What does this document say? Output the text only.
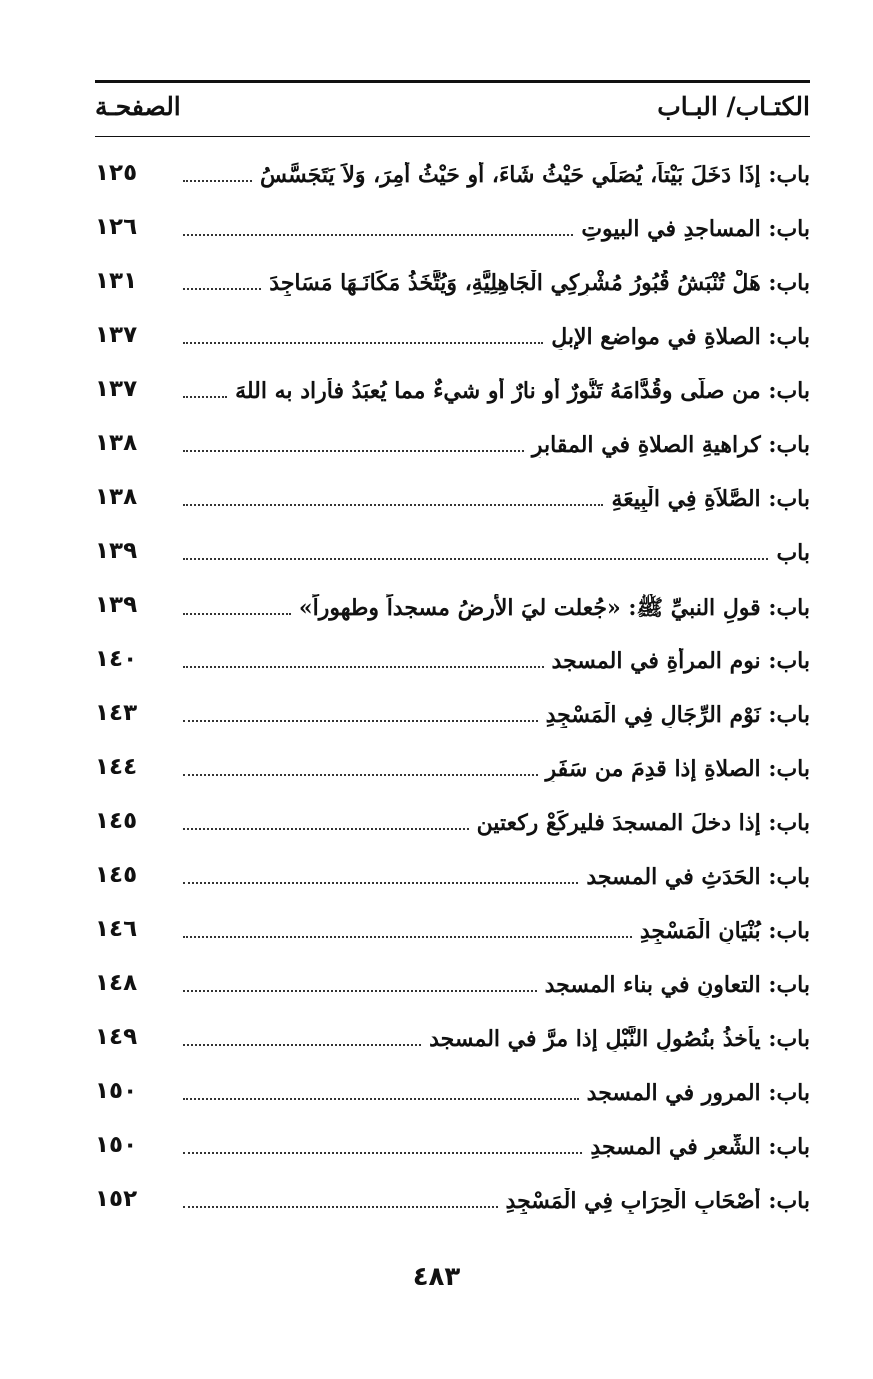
الكتـاب/ البـاب
الصفحـة
باب: إِذَا دَخَلَ بَيْتاً، يُصَلِّي حَيْثُ شَاءَ، أو حَيْثُ أُمِرَ، وَلاَ يَتَجَسَّسُ
١٢٥
باب: المساجدِ في البيوتِ
١٢٦
باب: هَلْ تُنْبَشُ قُبُورُ مُشْرِكِي الْجَاهِلِيَّةِ، وَيُتَّخَذُ مَكَانَـهَا مَسَاجِدَ
١٣١
باب: الصلاةِ في مواضعِ الإبلِ
١٣٧
باب: من صلَّى وقُدَّامَهُ تَنُّورٌ أو نارٌ أو شيءٌ مما يُعبَدُ فأراد به اللهَ
١٣٧
باب: كراهيةِ الصلاةِ في المقابرِ
١٣٨
باب: الصَّلاَةِ فِي الْبِيعَةِ
١٣٨
باب
١٣٩
باب: قولِ النبيِّ ﷺ: «جُعلت ليَ الأرضُ مسجداً وطهوراً»
١٣٩
باب: نومِ المرأةِ في المسجد
١٤٠
باب: نَوْمِ الرِّجَالِ فِي الْمَسْجِدِ
١٤٣
باب: الصلاةِ إذا قدِمَ من سَفَرٍ
١٤٤
باب: إذا دخلَ المسجدَ فليركَعْ ركعتينِ
١٤٥
باب: الحَدَثِ في المسجد
١٤٥
باب: بُنْيَانِ الْمَسْجِدِ
١٤٦
باب: التعاونِ في بناء المسجد
١٤٨
باب: يأخذُ بنُصُولِ النَّبْلِ إذا مرَّ في المسجد
١٤٩
باب: المرورِ في المسجد
١٥٠
باب: الشِّعرِ في المسجدِ
١٥٠
باب: أَصْحَابِ الْحِرَابِ فِي الْمَسْجِدِ
١٥٢
٤٨٣
